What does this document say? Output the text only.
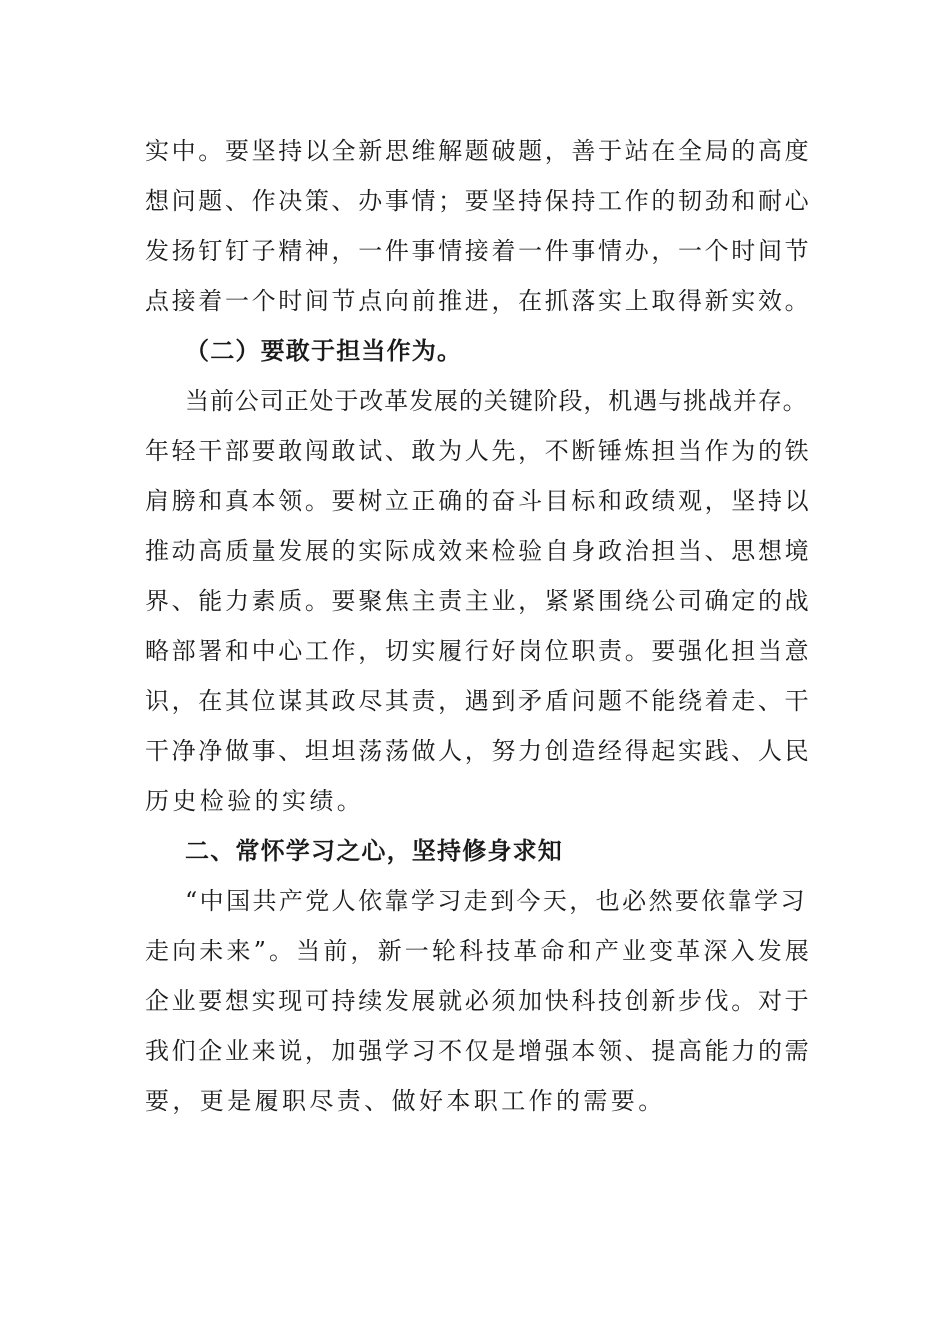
实中。要坚持以全新思维解题破题，善于站在全局的高度
想问题、作决策、办事情；要坚持保持工作的韧劲和耐心
发扬钉钉子精神，一件事情接着一件事情办，一个时间节
点接着一个时间节点向前推进，在抓落实上取得新实效。
（二）要敢于担当作为。
当前公司正处于改革发展的关键阶段，机遇与挑战并存。
年轻干部要敢闯敢试、敢为人先，不断锤炼担当作为的铁
肩膀和真本领。要树立正确的奋斗目标和政绩观，坚持以
推动高质量发展的实际成效来检验自身政治担当、思想境
界、能力素质。要聚焦主责主业，紧紧围绕公司确定的战
略部署和中心工作，切实履行好岗位职责。要强化担当意
识，在其位谋其政尽其责，遇到矛盾问题不能绕着走、干
干净净做事、坦坦荡荡做人，努力创造经得起实践、人民
历史检验的实绩。
二、常怀学习之心，坚持修身求知
“中国共产党人依靠学习走到今天，也必然要依靠学习
走向未来”。当前，新一轮科技革命和产业变革深入发展
企业要想实现可持续发展就必须加快科技创新步伐。对于
我们企业来说，加强学习不仅是增强本领、提高能力的需
要，更是履职尽责、做好本职工作的需要。
